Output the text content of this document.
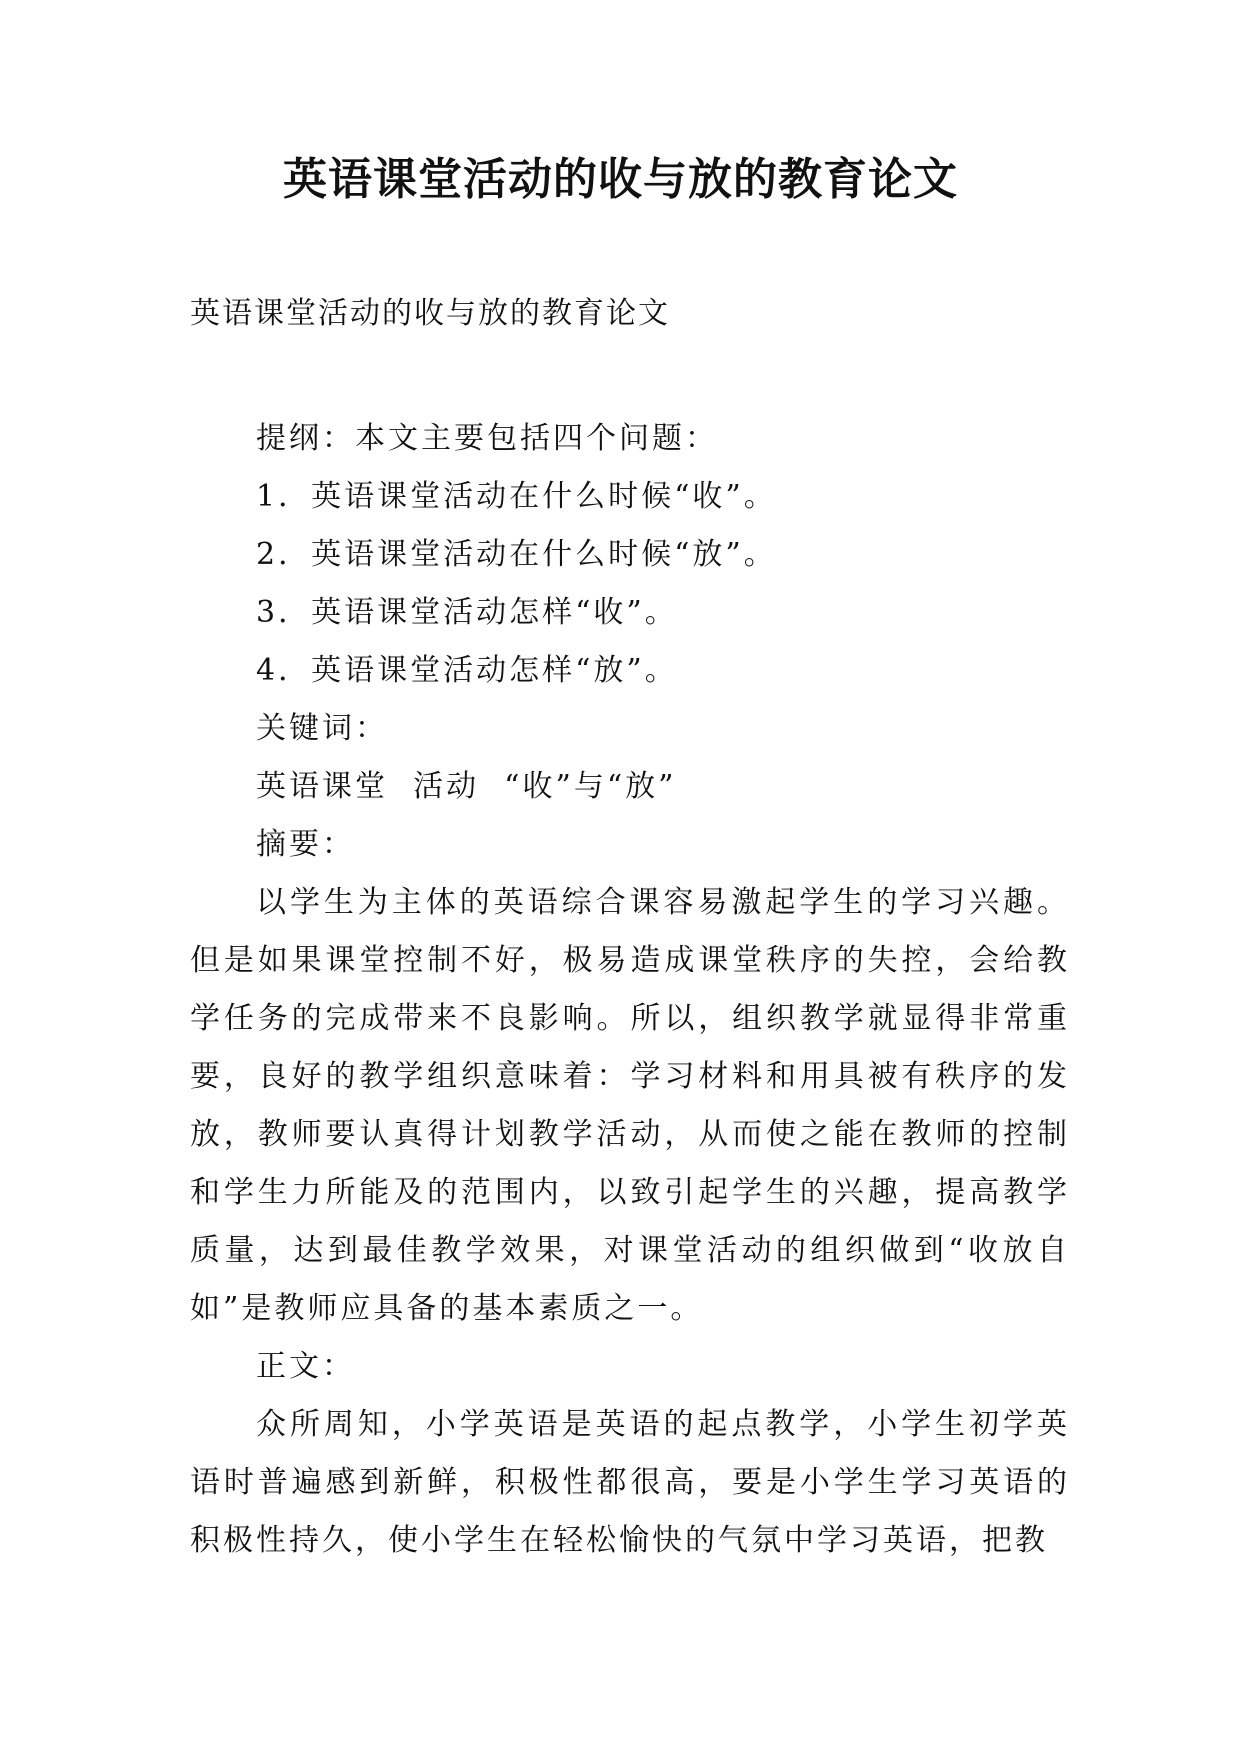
英语课堂活动的收与放的教育论文
英语课堂活动的收与放的教育论文

提纲：本文主要包括四个问题：

1．英语课堂活动在什么时候“收”。

2．英语课堂活动在什么时候“放”。

3．英语课堂活动怎样“收”。

4．英语课堂活动怎样“放”。

关键词：

英语课堂  活动  “收”与“放”

摘要：

以学生为主体的英语综合课容易激起学生的学习兴趣。但是如果课堂控制不好，极易造成课堂秩序的失控，会给教学任务的完成带来不良影响。所以，组织教学就显得非常重要，良好的教学组织意味着：学习材料和用具被有秩序的发放，教师要认真得计划教学活动，从而使之能在教师的控制和学生力所能及的范围内，以致引起学生的兴趣，提高教学质量，达到最佳教学效果，对课堂活动的组织做到“收放自如”是教师应具备的基本素质之一。

正文：

众所周知，小学英语是英语的起点教学，小学生初学英语时普遍感到新鲜，积极性都很高，要是小学生学习英语的积极性持久，使小学生在轻松愉快的气氛中学习英语，把教
